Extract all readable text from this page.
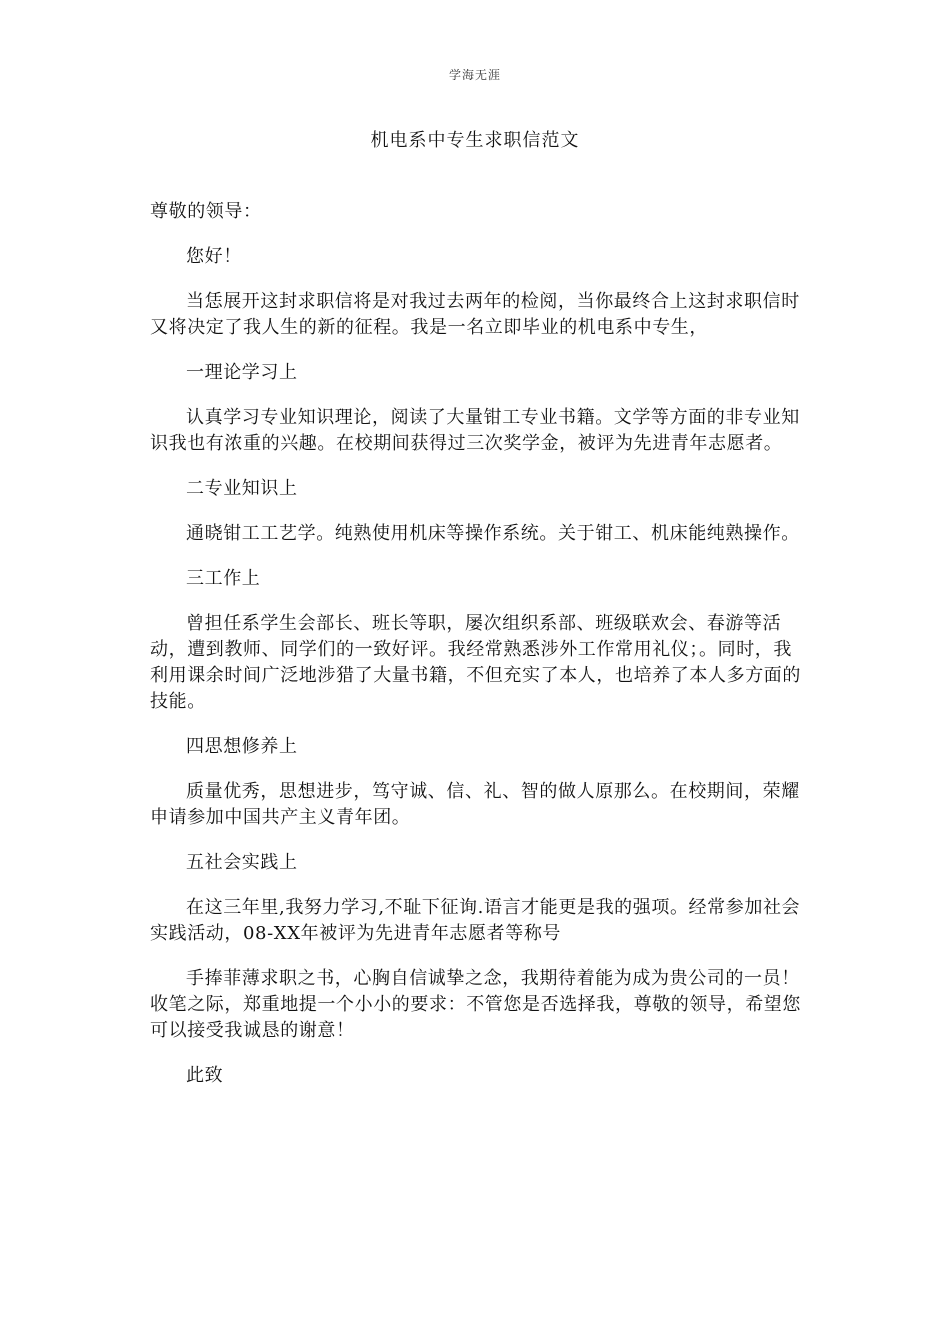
学海无涯
机电系中专生求职信范文

尊敬的领导：

您好！

当恁展开这封求职信将是对我过去两年的检阅，当你最终合上这封求职信时又将决定了我人生的新的征程。我是一名立即毕业的机电系中专生，

一理论学习上

认真学习专业知识理论，阅读了大量钳工专业书籍。文学等方面的非专业知识我也有浓重的兴趣。在校期间获得过三次奖学金，被评为先进青年志愿者。

二专业知识上

通晓钳工工艺学。纯熟使用机床等操作系统。关于钳工、机床能纯熟操作。

三工作上

曾担任系学生会部长、班长等职，屡次组织系部、班级联欢会、春游等活动，遭到教师、同学们的一致好评。我经常熟悉涉外工作常用礼仪；。同时，我利用课余时间广泛地涉猎了大量书籍，不但充实了本人，也培养了本人多方面的技能。

四思想修养上

质量优秀，思想进步，笃守诚、信、礼、智的做人原那么。在校期间，荣耀申请参加中国共产主义青年团。

五社会实践上

在这三年里,我努力学习,不耻下征询.语言才能更是我的强项。经常参加社会实践活动，08-XX年被评为先进青年志愿者等称号

手捧菲薄求职之书，心胸自信诚挚之念，我期待着能为成为贵公司的一员！收笔之际，郑重地提一个小小的要求：不管您是否选择我，尊敬的领导，希望您可以接受我诚恳的谢意！

此致
